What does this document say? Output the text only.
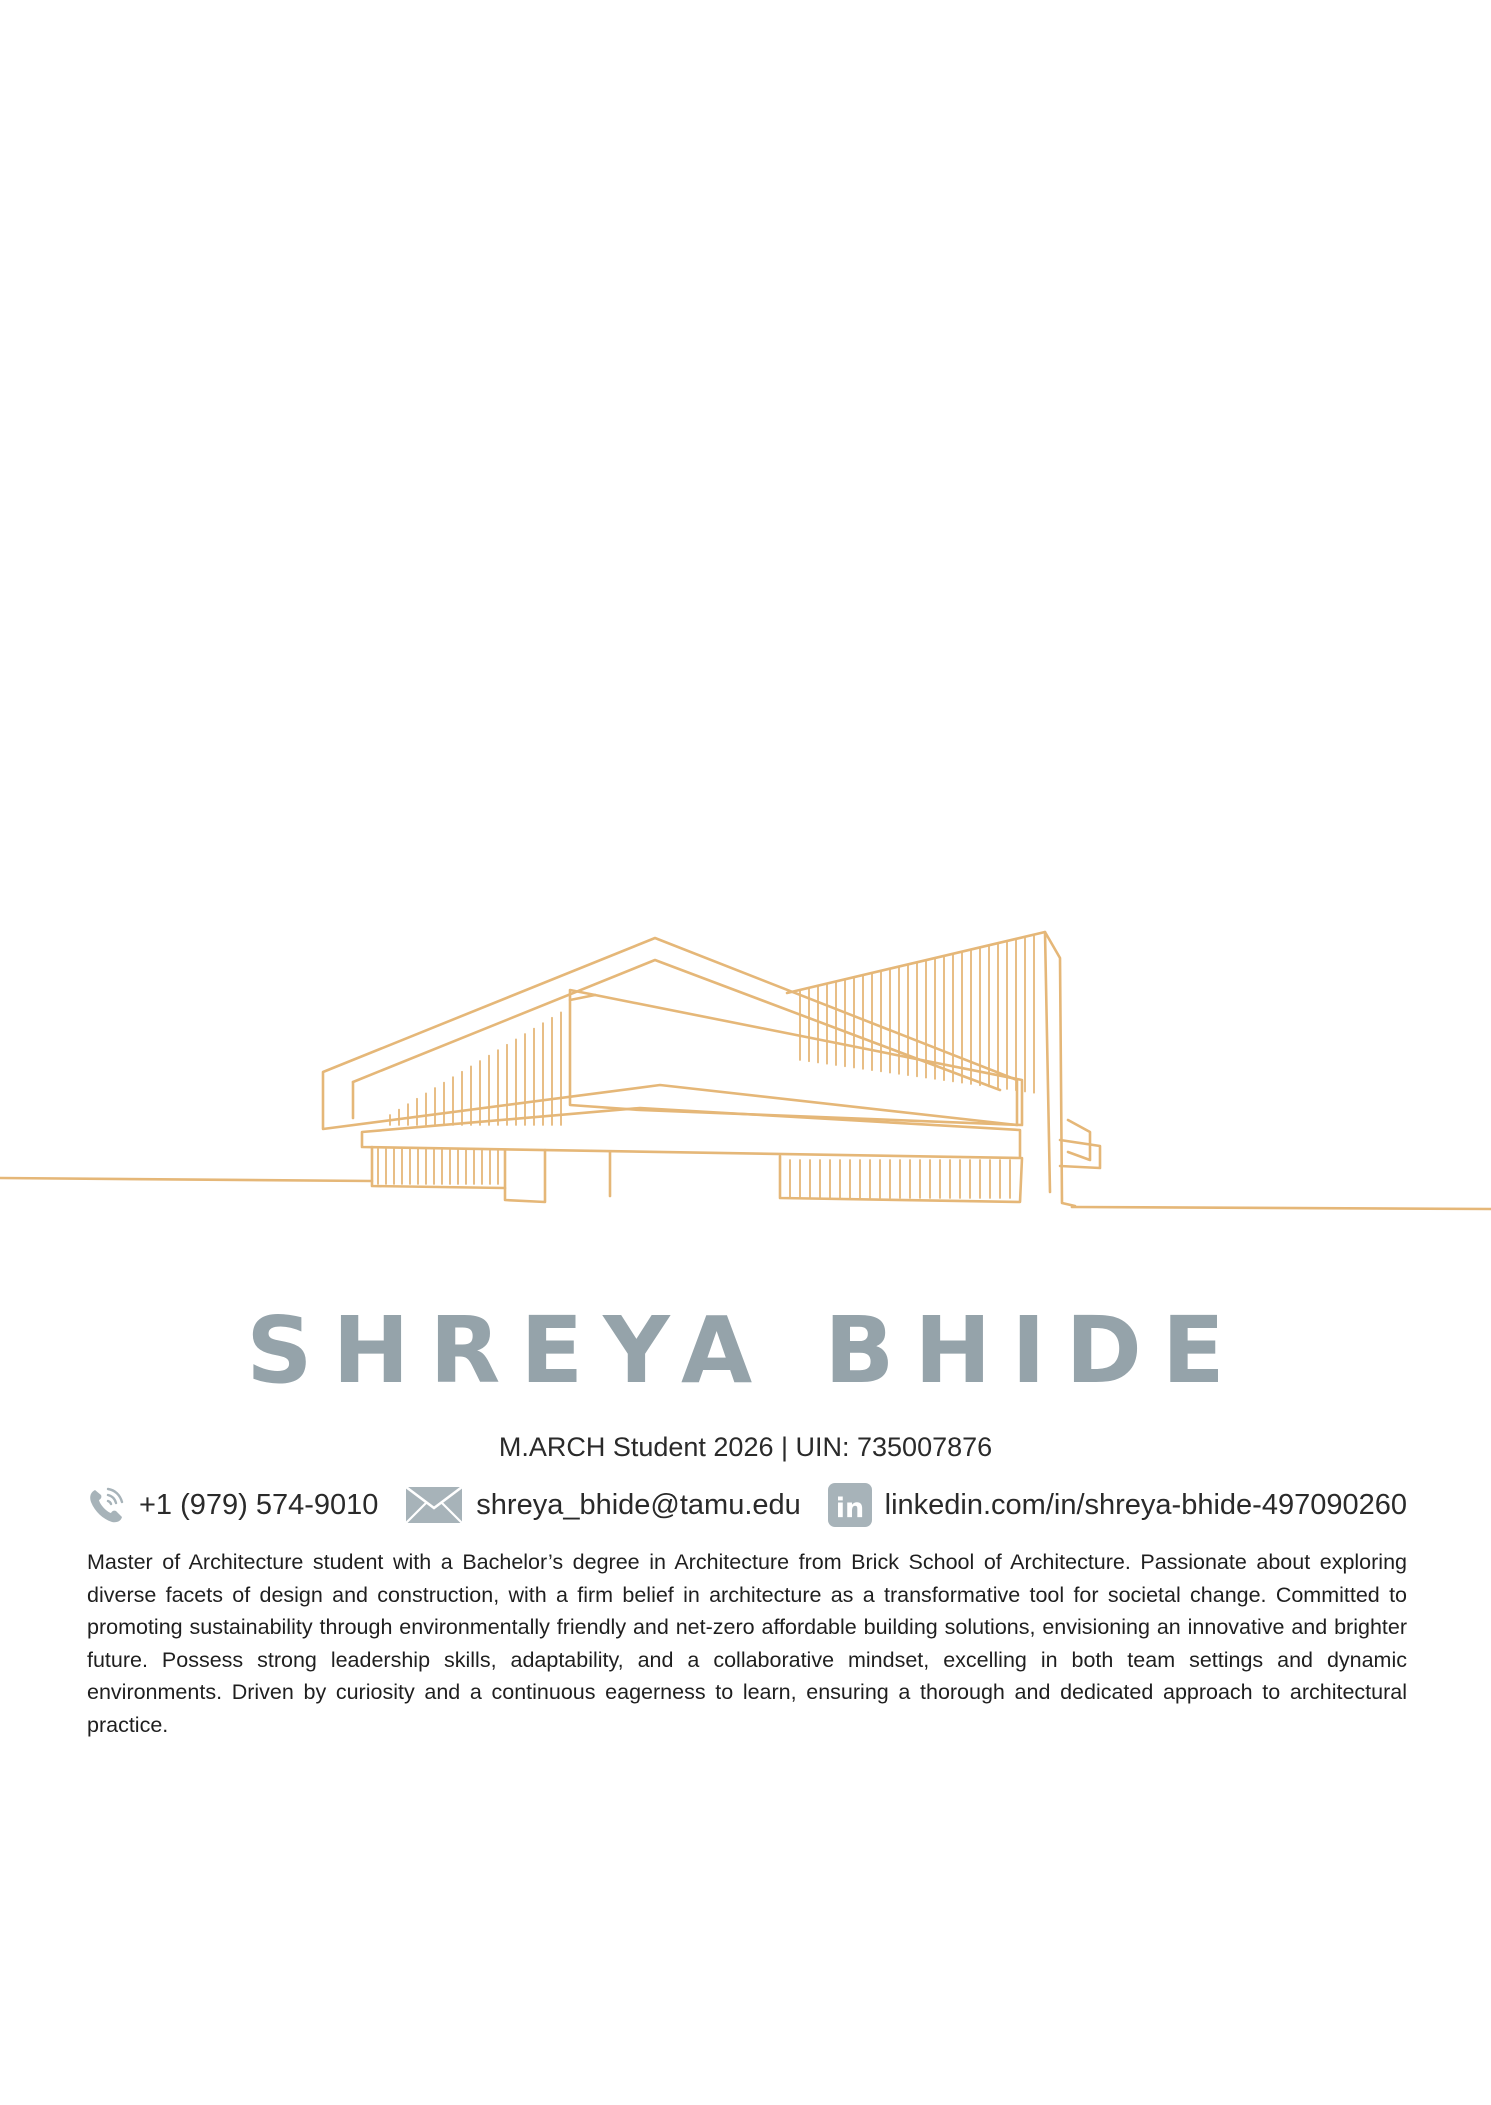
SHREYA BHIDE
M.ARCH Student 2026 | UIN: 735007876
+1 (979) 574-9010	shreya_bhide@tamu.edu in linkedin.com/in/shreya-bhide-497090260
Master of Architecture student with a Bachelor’s degree in Architecture from Brick School of Architecture. Passionate about exploring diverse facets of design and construction, with a firm belief in architecture as a transformative tool for societal change. Committed to promoting sustainability through environmentally friendly and net-zero affordable building solutions, envisioning an innovative and brighter future. Possess strong leadership skills, adaptability, and a collaborative mindset, excelling in both team settings and dynamic environments. Driven by curiosity and a continuous eagerness to learn, ensuring a thorough and dedicated approach to architectural practice.
